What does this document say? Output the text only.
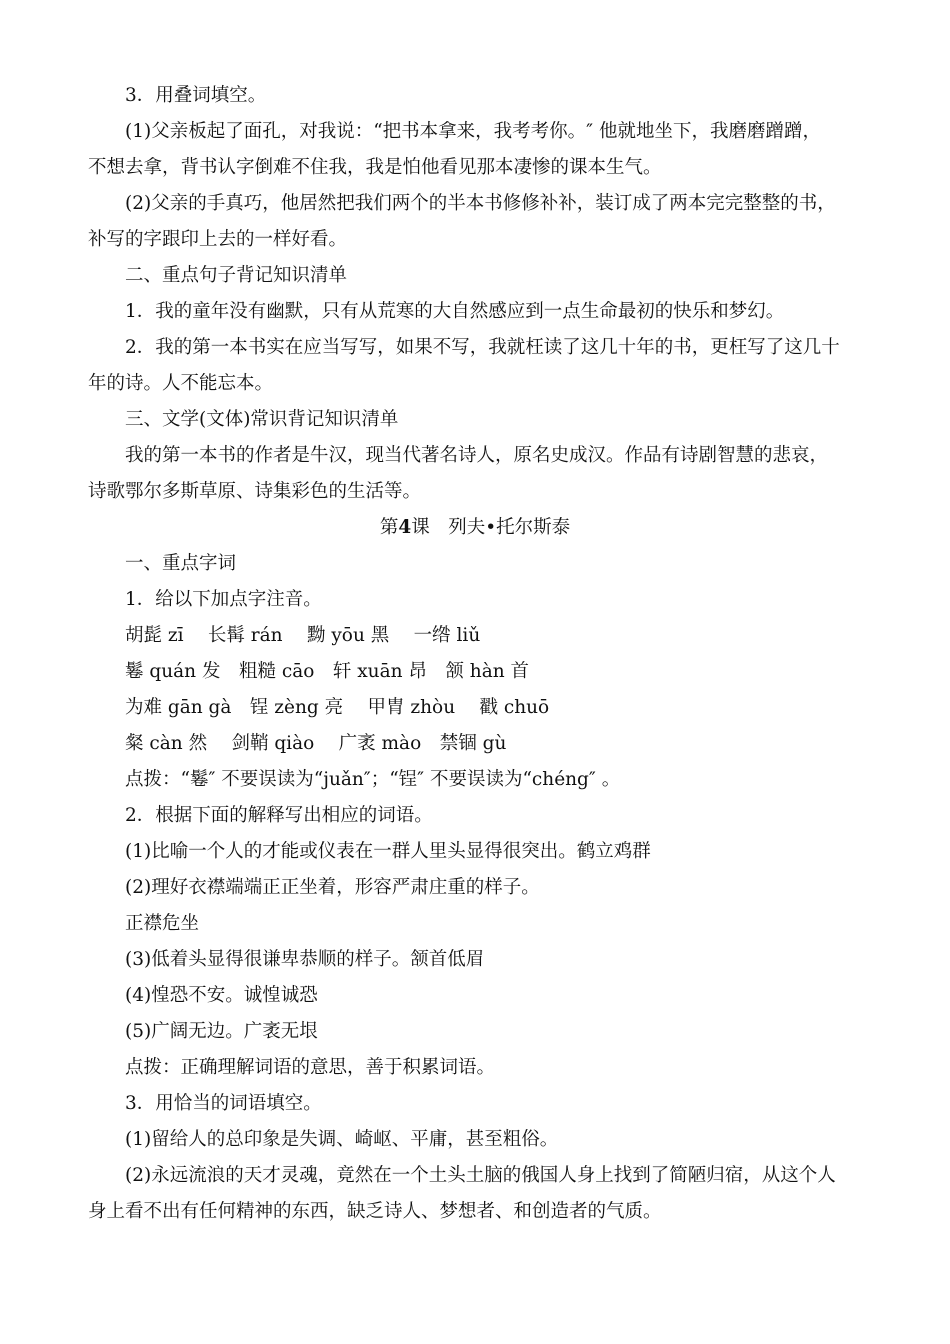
3．用叠词填空。
(1)父亲板起了面孔，对我说：“把书本拿来，我考考你。″ 他就地坐下，我磨磨蹭蹭，
不想去拿，背书认字倒难不住我，我是怕他看见那本凄惨的课本生气。
(2)父亲的手真巧，他居然把我们两个的半本书修修补补，装订成了两本完完整整的书，
补写的字跟印上去的一样好看。
二、重点句子背记知识清单
1．我的童年没有幽默，只有从荒寒的大自然感应到一点生命最初的快乐和梦幻。
2．我的第一本书实在应当写写，如果不写，我就枉读了这几十年的书，更枉写了这几十
年的诗。人不能忘本。
三、文学(文体)常识背记知识清单
我的第一本书的作者是牛汉，现当代著名诗人，原名史成汉。作品有诗剧智慧的悲哀，
诗歌鄂尔多斯草原、诗集彩色的生活等。
第4课　列夫•托尔斯泰
一、重点字词
1．给以下加点字注音。
胡髭 zī　 长髯 rán　 黝 yōu 黑　 一绺 liǔ
鬈 quán 发　粗糙 cāo　轩 xuān 昂　颔 hàn 首
为难 gān gà　锃 zèng 亮　 甲胄 zhòu　 戳 chuō
粲 càn 然　 剑鞘 qiào　 广袤 mào　禁锢 gù
点拨：“鬈″ 不要误读为“juǎn″；“锃″ 不要误读为“chéng″ 。
2．根据下面的解释写出相应的词语。
(1)比喻一个人的才能或仪表在一群人里头显得很突出。鹤立鸡群
(2)理好衣襟端端正正坐着，形容严肃庄重的样子。
正襟危坐
(3)低着头显得很谦卑恭顺的样子。颔首低眉
(4)惶恐不安。诚惶诚恐
(5)广阔无边。广袤无垠
点拨：正确理解词语的意思，善于积累词语。
3．用恰当的词语填空。
(1)留给人的总印象是失调、崎岖、平庸，甚至粗俗。
(2)永远流浪的天才灵魂，竟然在一个土头土脑的俄国人身上找到了简陋归宿，从这个人
身上看不出有任何精神的东西，缺乏诗人、梦想者、和创造者的气质。
